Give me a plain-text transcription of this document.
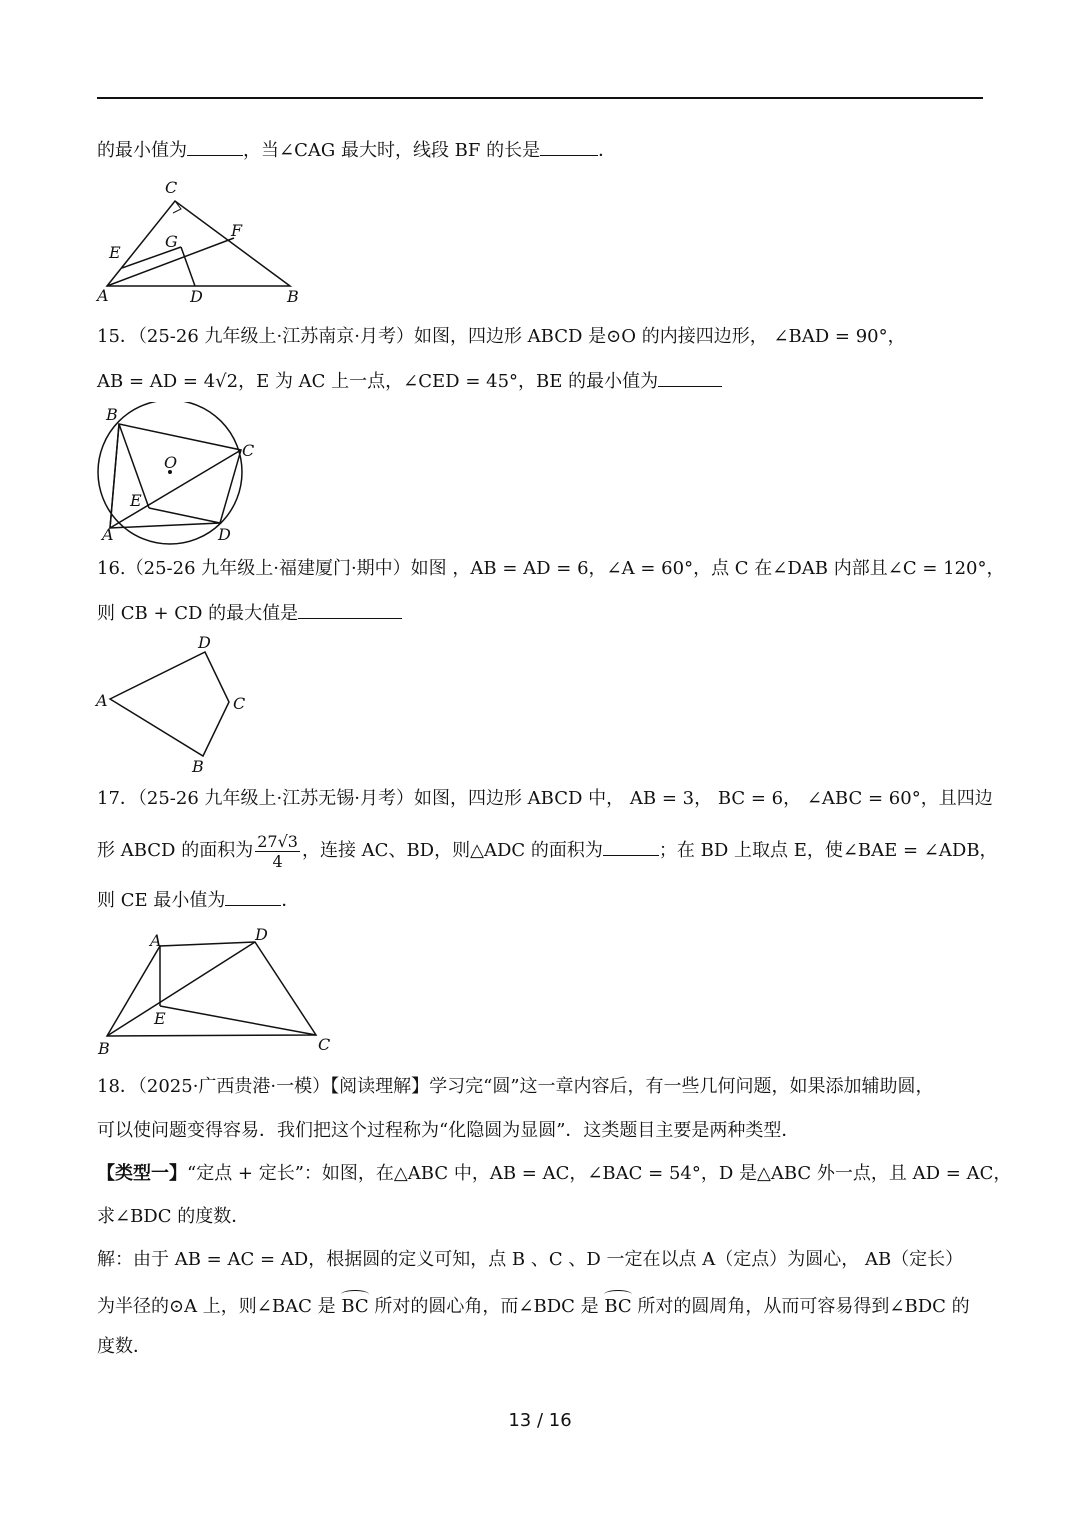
的最小值为	，当∠CAG 最大时，线段 BF 的长是	．
C
E
G
F
A	D	B
15．（25-26 九年级上·江苏南京·月考）如图，四边形 ABCD 是⊙O 的内接四边形， ∠BAD = 90°，
AB = AD = 4√2，E 为 AC 上一点，∠CED = 45°，BE 的最小值为
B
O
C
E
A	D
16.（25-26 九年级上·福建厦门·期中）如图 ，AB = AD = 6，∠A = 60°，点 C 在∠DAB 内部且∠C = 120°，
则 CB + CD 的最大值是
D
A	C
B
17．（25-26 九年级上·江苏无锡·月考）如图，四边形 ABCD 中， AB = 3， BC = 6， ∠ABC = 60°，且四边
形 ABCD 的面积为 $\frac{27√3}{4}$ ，连接 AC、BD，则△ADC 的面积为	；在 BD 上取点 E，使∠BAE = ∠ADB，
则 CE 最小值为	．
A	D
E
B	C
18．（2025·广西贵港·一模）【阅读理解】学习完“圆”这一章内容后，有一些几何问题，如果添加辅助圆，
可以使问题变得容易．我们把这个过程称为“化隐圆为显圆”．这类题目主要是两种类型．
【类型一】“定点 + 定长”：如图，在△ABC 中，AB = AC，∠BAC = 54°，D 是△ABC 外一点，且 AD = AC，
求∠BDC 的度数．
解：由于 AB = AC = AD，根据圆的定义可知，点 B 、C 、D 一定在以点 A（定点）为圆心， AB（定长）
为半径的⊙A 上，则∠BAC 是 BC 所对的圆心角，而∠BDC 是 BC 所对的圆周角，从而可容易得到∠BDC 的
度数．
13 / 16
